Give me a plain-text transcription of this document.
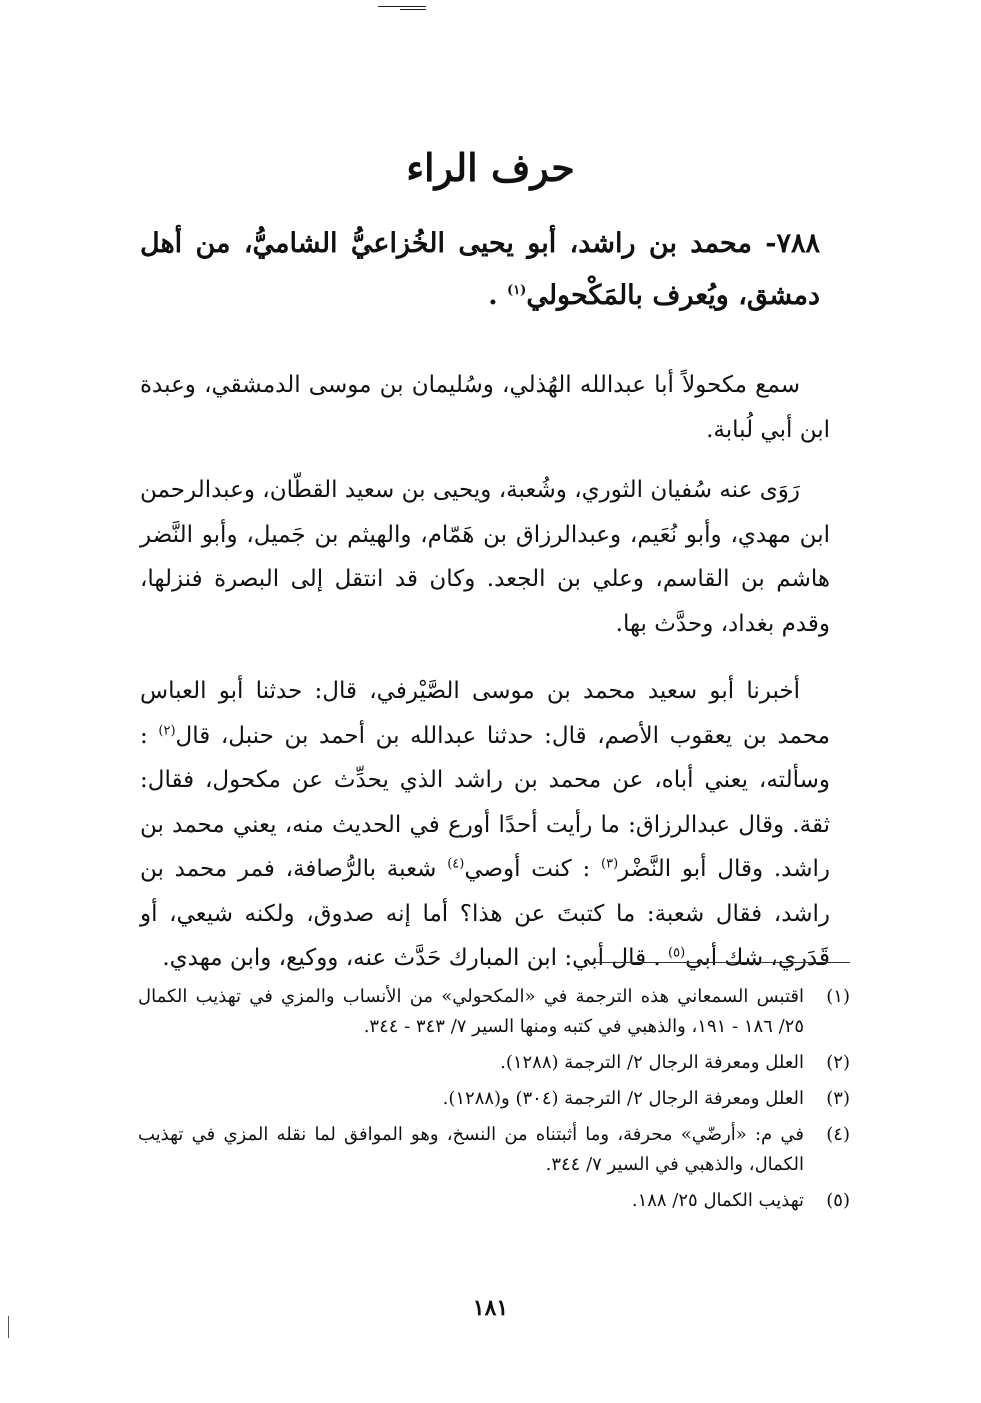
حرف الراء
٧٨٨- محمد بن راشد، أبو يحيى الخُزاعيُّ الشاميُّ، من أهل دمشق، ويُعرف بالمَكْحولي$^{(١)}$ .

سمع مكحولاً أبا عبدالله الهُذلي، وسُليمان بن موسى الدمشقي، وعبدة ابن أبي لُبابة.

رَوَى عنه سُفيان الثوري، وشُعبة، ويحيى بن سعيد القطّان، وعبدالرحمن ابن مهدي، وأبو نُعَيم، وعبدالرزاق بن هَمّام، والهيثم بن جَميل، وأبو النَّضر هاشم بن القاسم، وعلي بن الجعد. وكان قد انتقل إلى البصرة فنزلها، وقدم بغداد، وحدَّث بها.

أخبرنا أبو سعيد محمد بن موسى الصَّيْرفي، قال: حدثنا أبو العباس محمد بن يعقوب الأصم، قال: حدثنا عبدالله بن أحمد بن حنبل، قال$^{(٢)}$ : وسألته، يعني أباه، عن محمد بن راشد الذي يحدِّث عن مكحول، فقال: ثقة. وقال عبدالرزاق: ما رأيت أحدًا أورع في الحديث منه، يعني محمد بن راشد. وقال أبو النَّضْر$^{(٣)}$ : كنت أوصي$^{(٤)}$ شعبة بالرُّصافة، فمر محمد بن راشد، فقال شعبة: ما كتبتَ عن هذا؟ أما إنه صدوق، ولكنه شيعي، أو قَدَري، شك أبي$^{(٥)}$ . قال أبي: ابن المبارك حَدَّث عنه، ووكيع، وابن مهدي.

(١)
اقتبس السمعاني هذه الترجمة في «المكحولي» من الأنساب والمزي في تهذيب الكمال ٢٥/ ١٨٦ - ١٩١، والذهبي في كتبه ومنها السير ٧/ ٣٤٣ - ٣٤٤.
(٢)
العلل ومعرفة الرجال ٢/ الترجمة (١٢٨٨).
(٣)
العلل ومعرفة الرجال ٢/ الترجمة (٣٠٤) و(١٢٨٨).
(٤)
في م: «أرضّي» محرفة، وما أثبتناه من النسخ، وهو الموافق لما نقله المزي في تهذيب الكمال، والذهبي في السير ٧/ ٣٤٤.
(٥)
تهذيب الكمال ٢٥/ ١٨٨.
١٨١
